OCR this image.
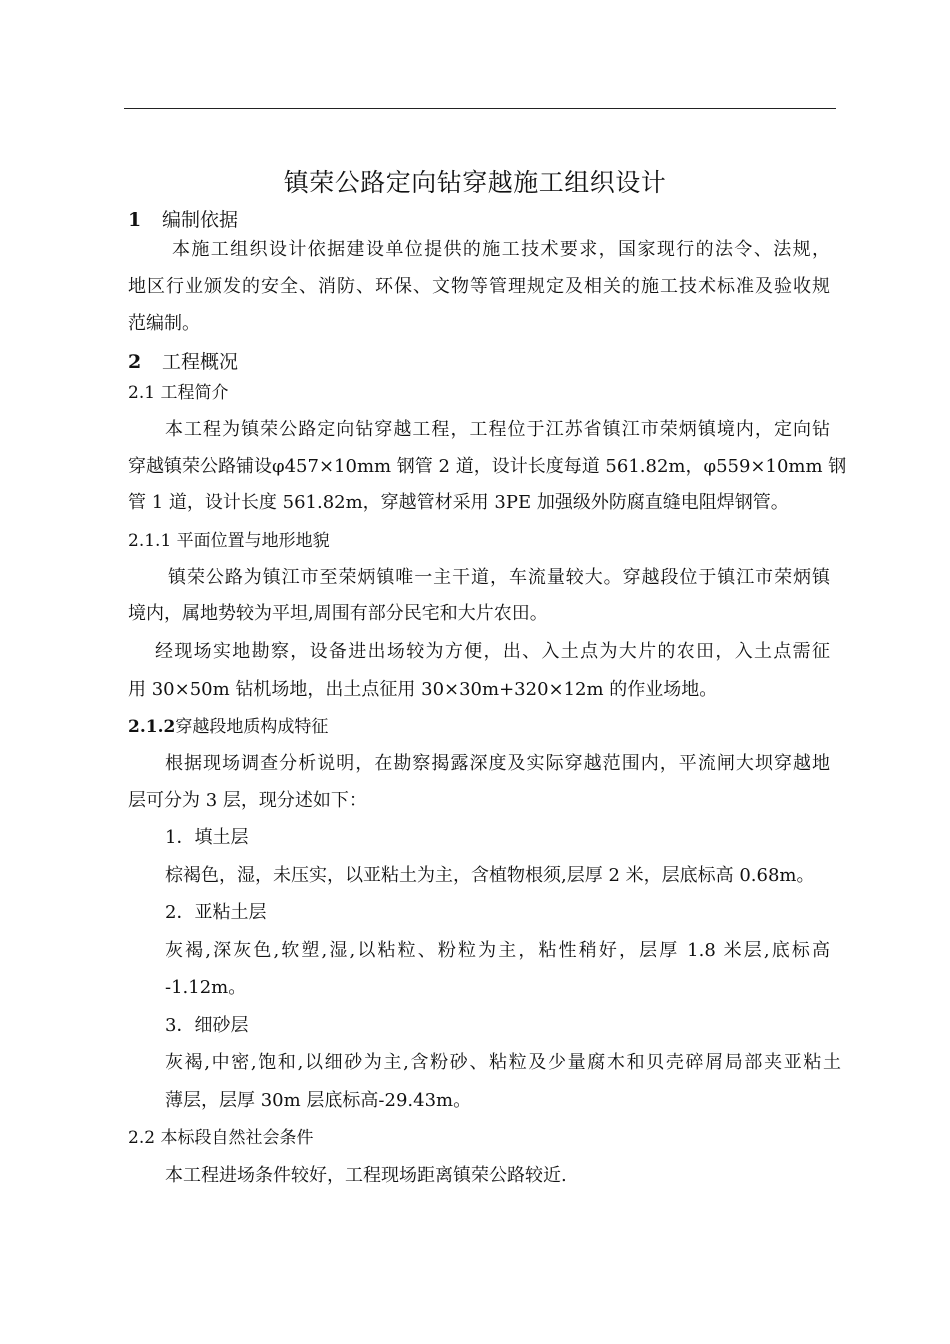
镇荣公路定向钻穿越施工组织设计
1 编制依据
本施工组织设计依据建设单位提供的施工技术要求，国家现行的法令、法规，
地区行业颁发的安全、消防、环保、文物等管理规定及相关的施工技术标准及验收规
范编制。
2 工程概况
2.1 工程简介
本工程为镇荣公路定向钻穿越工程，工程位于江苏省镇江市荣炳镇境内，定向钻
穿越镇荣公路铺设φ457×10mm 钢管 2 道，设计长度每道 561.82m，φ559×10mm 钢
管 1 道，设计长度 561.82m，穿越管材采用 3PE 加强级外防腐直缝电阻焊钢管。
2.1.1 平面位置与地形地貌
镇荣公路为镇江市至荣炳镇唯一主干道，车流量较大。穿越段位于镇江市荣炳镇
境内，属地势较为平坦,周围有部分民宅和大片农田。
经现场实地勘察，设备进出场较为方便，出、入土点为大片的农田，入土点需征
用 30×50m 钻机场地，出土点征用 30×30m+320×12m 的作业场地。
2.1.2穿越段地质构成特征
根据现场调查分析说明，在勘察揭露深度及实际穿越范围内，平流闸大坝穿越地
层可分为 3 层，现分述如下：
1．填土层
棕褐色，湿，未压实，以亚粘土为主，含植物根须,层厚 2 米，层底标高 0.68m。
2．亚粘土层
灰褐,深灰色,软塑,湿,以粘粒、粉粒为主，粘性稍好，层厚 1.8 米层,底标高
-1.12m。
3．细砂层
灰褐,中密,饱和,以细砂为主,含粉砂、粘粒及少量腐木和贝壳碎屑局部夹亚粘土
薄层，层厚 30m 层底标高-29.43m。
2.2 本标段自然社会条件
本工程进场条件较好，工程现场距离镇荣公路较近.
